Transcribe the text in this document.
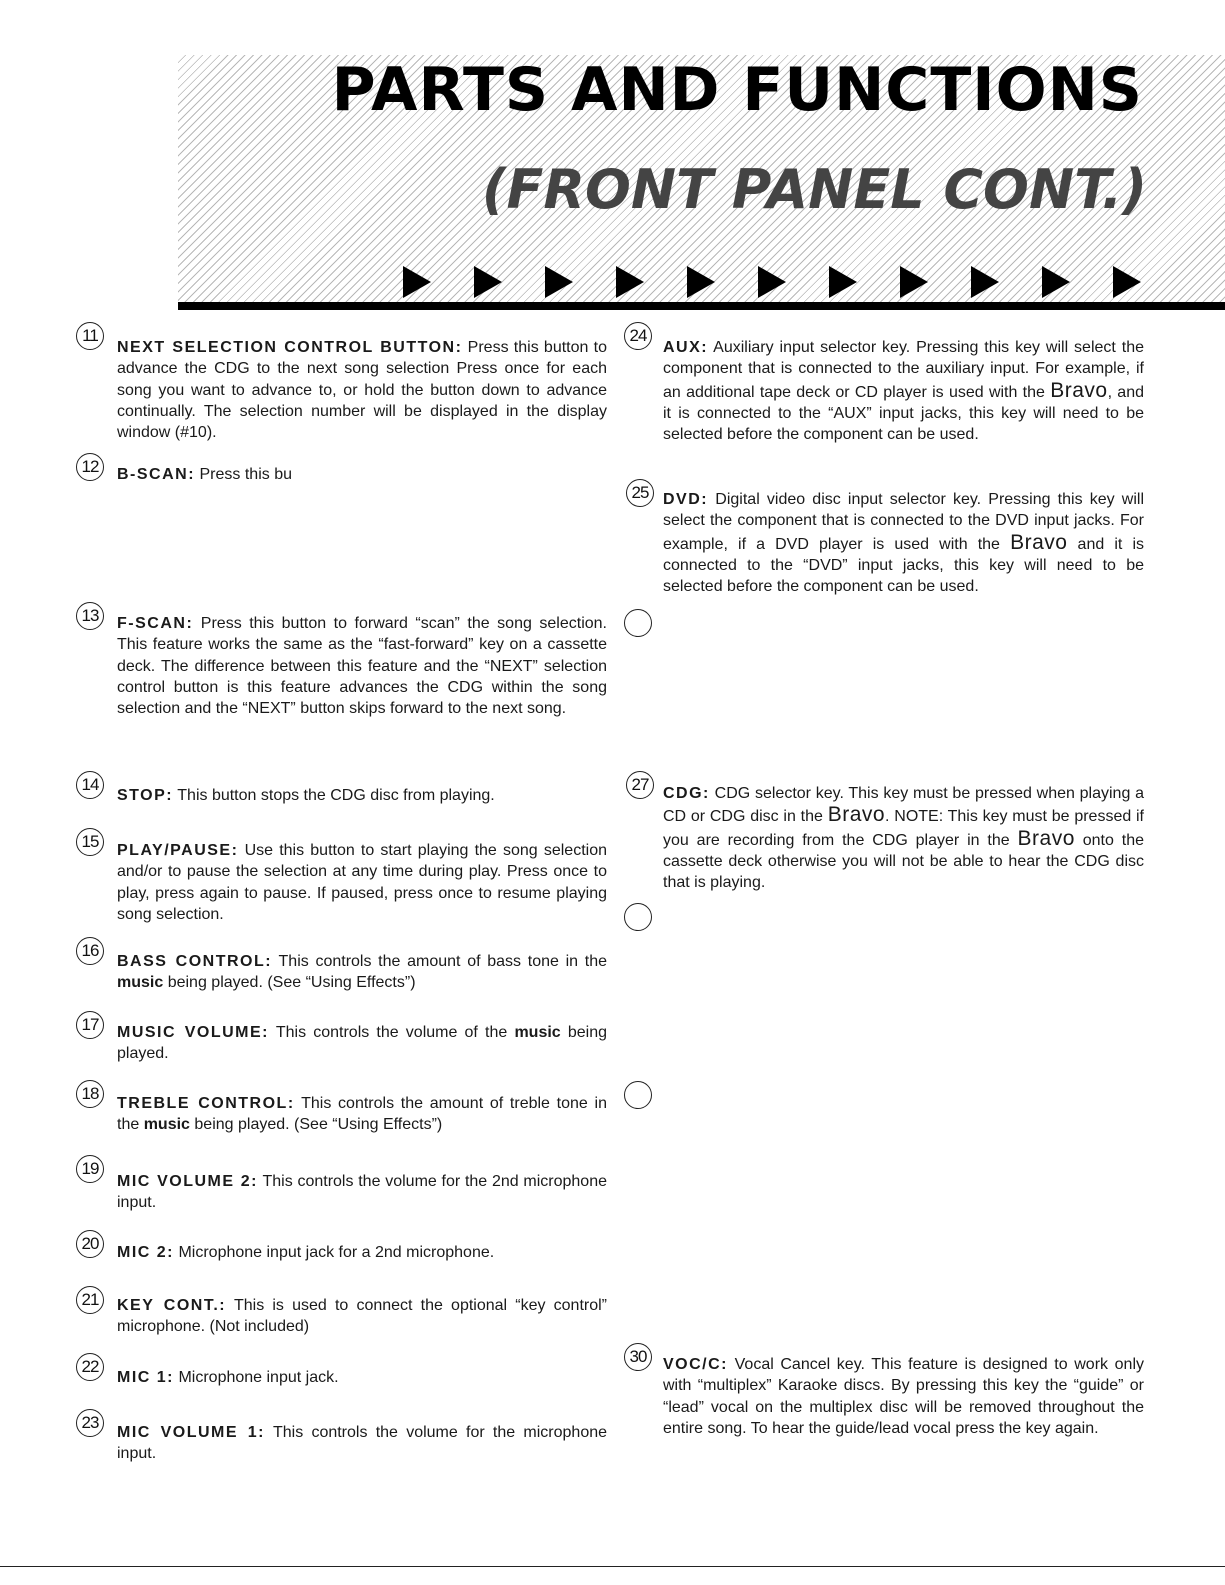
PARTS AND FUNCTIONS
(FRONT PANEL CONT.)
11
NEXT SELECTION CONTROL BUTTON: Press this button to advance the CDG to the next song selection Press once for each song you want to advance to, or hold the button down to advance continually. The selection number will be displayed in the display window (#10).
12	B-SCAN: Press this bu
13	F-SCAN: Press this button to forward “scan” the song selection. This feature works the same as the “fast-forward” key on a cassette deck. The difference between this feature and the “NEXT” selection control button is this feature advances the CDG within the song selection and the “NEXT” button skips forward to the next song.
14
STOP: This button stops the CDG disc from playing.
15	PLAY/PAUSE: Use this button to start playing the song selection and/or to pause the selection at any time during play. Press once to play, press again to pause. If paused, press once to resume playing song selection.
16
BASS CONTROL: This controls the amount of bass tone in the music being played. (See “Using Effects”)
17	MUSIC VOLUME: This controls the volume of the music being played.
18
TREBLE CONTROL: This controls the amount of treble tone in the music being played. (See “Using Effects”)
19
MIC VOLUME 2: This controls the volume for the 2nd microphone input.
20	MIC 2: Microphone input jack for a 2nd microphone.
21	KEY CONT.: This is used to connect the optional “key control” microphone. (Not included)
22
MIC 1: Microphone input jack.
23
MIC VOLUME 1: This controls the volume for the microphone input.
24
AUX: Auxiliary input selector key. Pressing this key will select the component that is connected to the auxiliary input. For example, if an additional tape deck or CD player is used with the Bravo, and it is connected to the “AUX” input jacks, this key will need to be selected before the component can be used.
25 DVD: Digital video disc input selector key. Pressing this key will select the component that is connected to the DVD input jacks. For example, if a DVD player is used with the Bravo and it is connected to the “DVD” input jacks, this key will need to be selected before the component can be used.
27 CDG: CDG selector key. This key must be pressed when playing a CD or CDG disc in the Bravo. NOTE: This key must be pressed if you are recording from the CDG player in the Bravo onto the cassette deck otherwise you will not be able to hear the CDG disc that is playing.
30	VOC/C: Vocal Cancel key. This feature is designed to work only with “multiplex” Karaoke discs. By pressing this key the “guide” or “lead” vocal on the multiplex disc will be removed throughout the entire song. To hear the guide/lead vocal press the key again.
